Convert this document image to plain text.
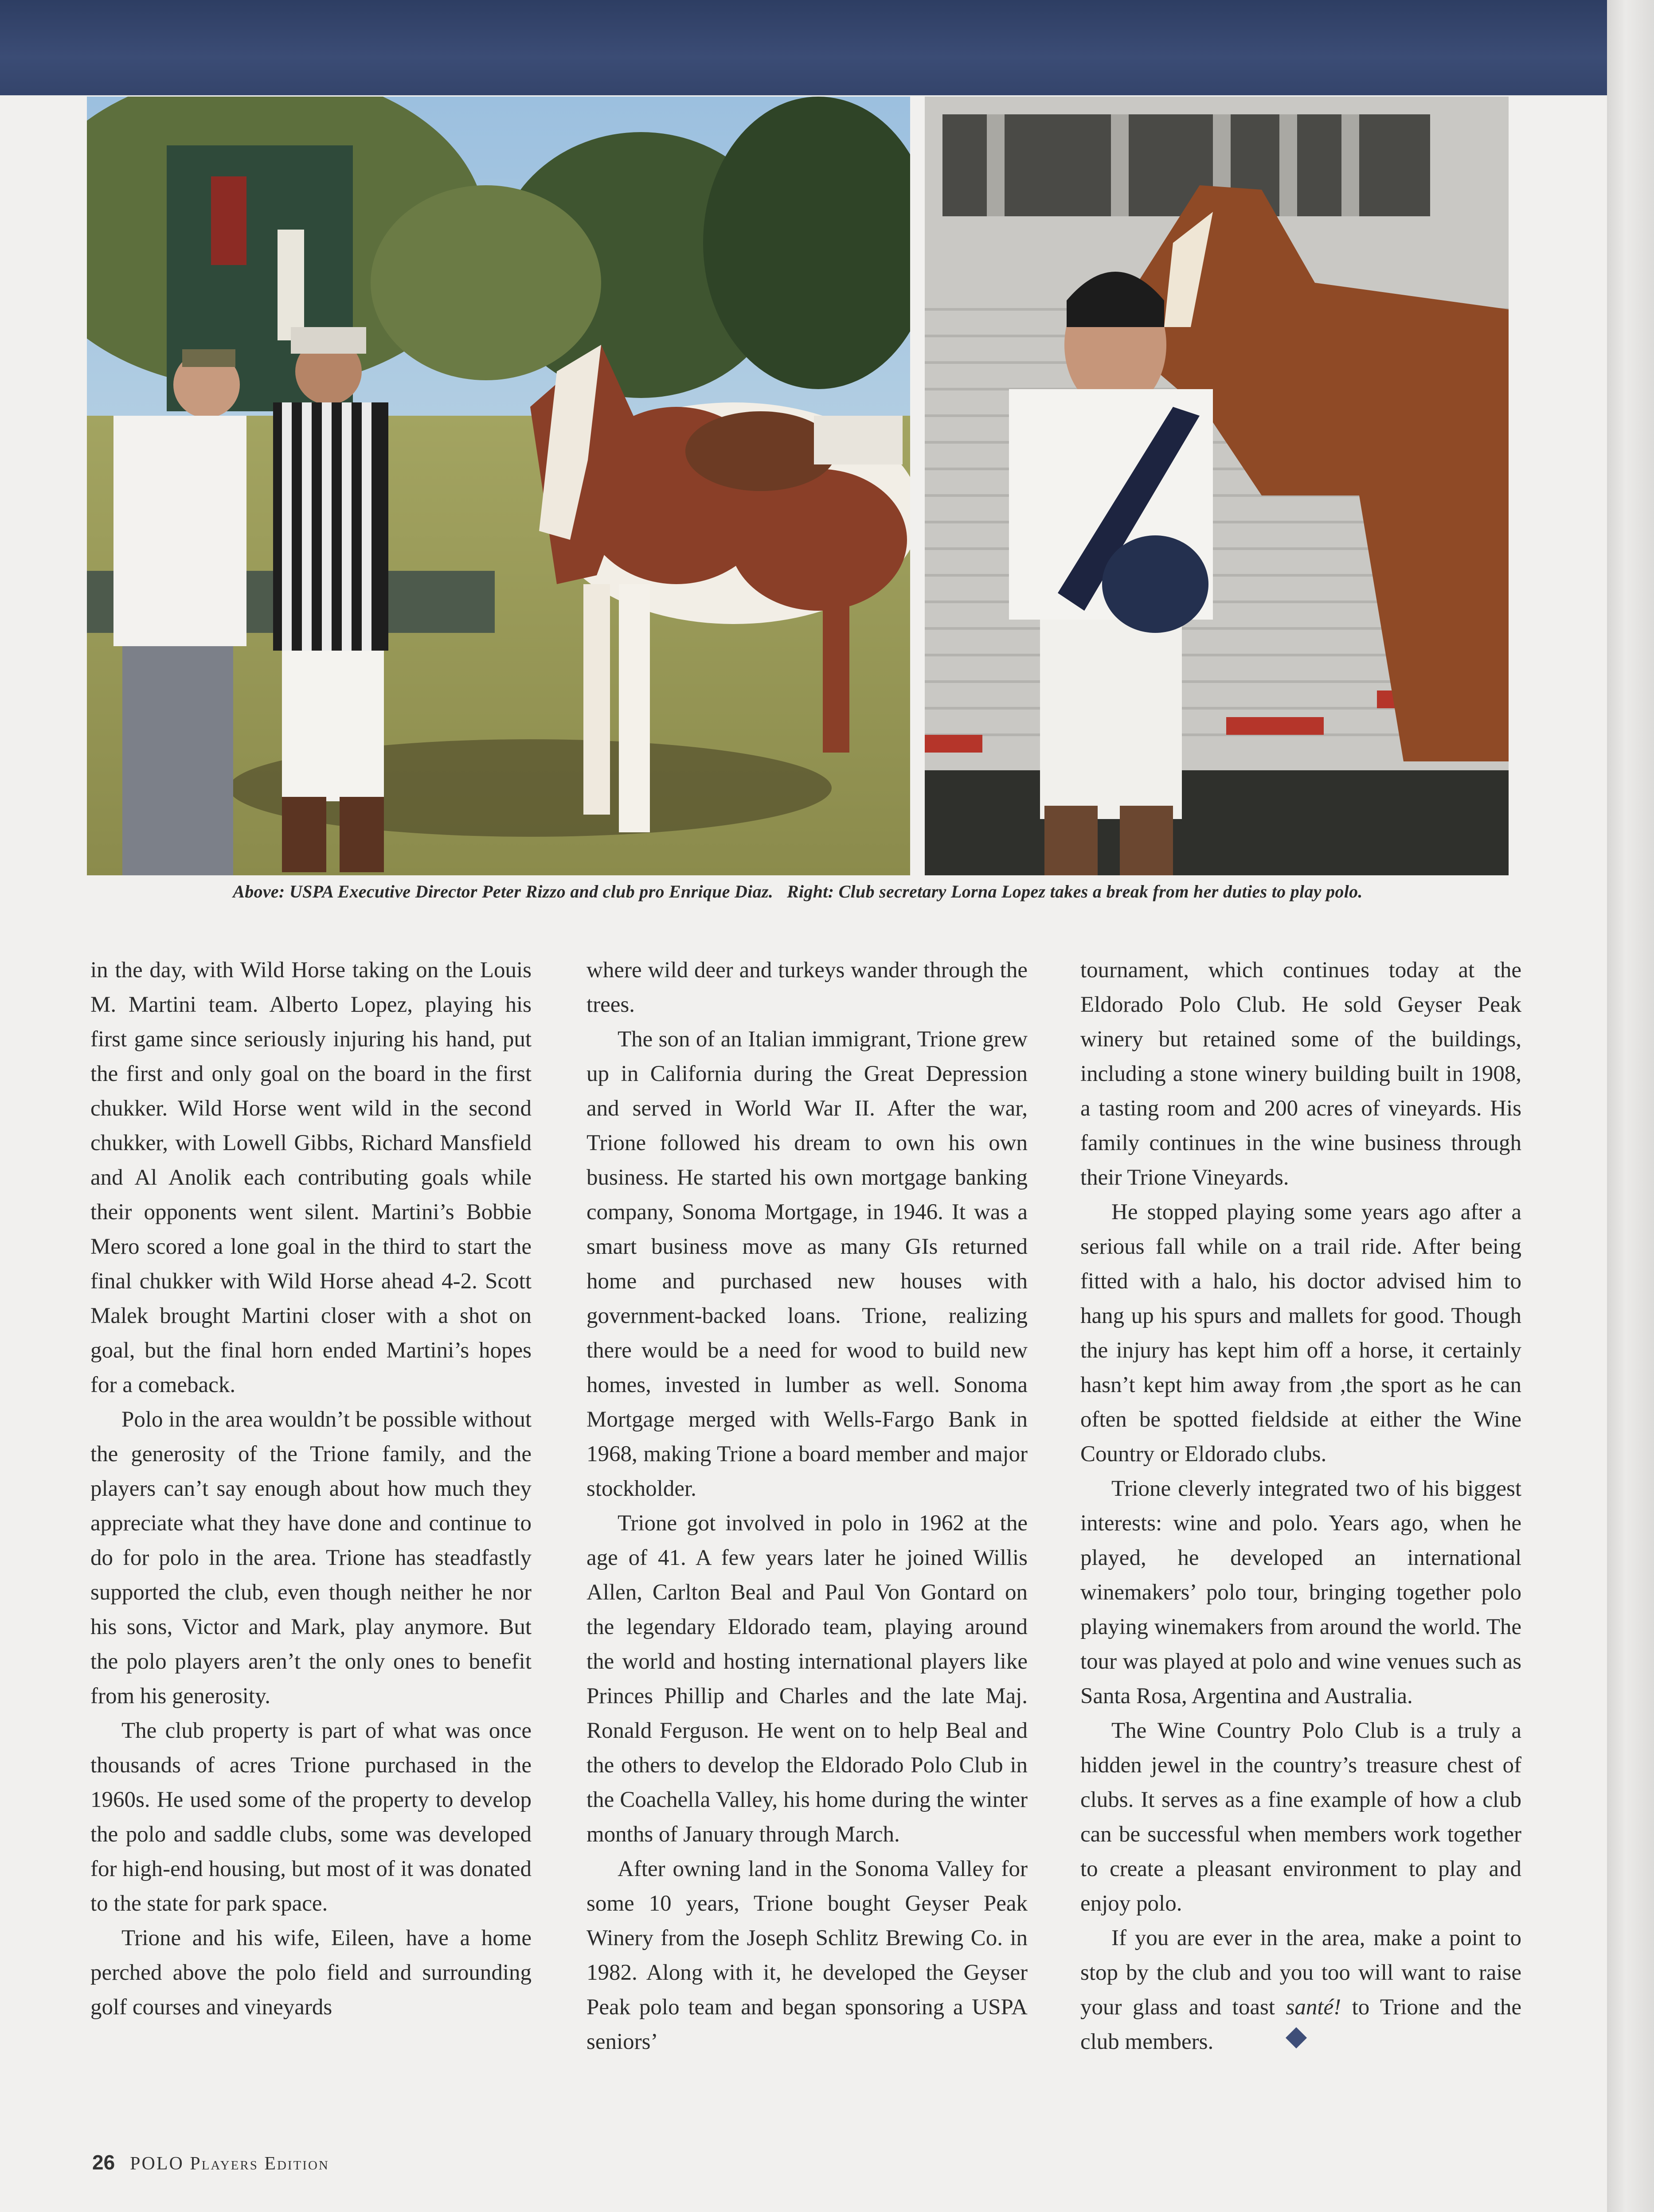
Above: USPA Executive Director Peter Rizzo and club pro Enrique Diaz. Right: Club secretary Lorna Lopez takes a break from her duties to play polo.

in the day, with Wild Horse taking on the Louis M. Martini team. Alberto Lopez, playing his first game since seriously injuring his hand, put the first and only goal on the board in the first chukker. Wild Horse went wild in the second chukker, with Lowell Gibbs, Richard Mansfield and Al Anolik each contributing goals while their opponents went silent. Martini’s Bobbie Mero scored a lone goal in the third to start the final chukker with Wild Horse ahead 4-2. Scott Malek brought Martini closer with a shot on goal, but the final horn ended Martini’s hopes for a comeback.

Polo in the area wouldn’t be possible without the generosity of the Trione family, and the players can’t say enough about how much they appreciate what they have done and continue to do for polo in the area. Trione has steadfastly supported the club, even though neither he nor his sons, Victor and Mark, play anymore. But the polo players aren’t the only ones to benefit from his generosity.

The club property is part of what was once thousands of acres Trione purchased in the 1960s. He used some of the property to develop the polo and saddle clubs, some was developed for high-end housing, but most of it was donated to the state for park space.

Trione and his wife, Eileen, have a home perched above the polo field and surrounding golf courses and vineyards

where wild deer and turkeys wander through the trees.

The son of an Italian immigrant, Trione grew up in California during the Great Depression and served in World War II. After the war, Trione followed his dream to own his own business. He started his own mortgage banking company, Sonoma Mortgage, in 1946. It was a smart business move as many GIs returned home and purchased new houses with government-backed loans. Trione, realizing there would be a need for wood to build new homes, invested in lumber as well. Sonoma Mortgage merged with Wells-Fargo Bank in 1968, making Trione a board member and major stockholder.

Trione got involved in polo in 1962 at the age of 41. A few years later he joined Willis Allen, Carlton Beal and Paul Von Gontard on the legendary Eldorado team, playing around the world and hosting international players like Princes Phillip and Charles and the late Maj. Ronald Ferguson. He went on to help Beal and the others to develop the Eldorado Polo Club in the Coachella Valley, his home during the winter months of January through March.

After owning land in the Sonoma Valley for some 10 years, Trione bought Geyser Peak Winery from the Joseph Schlitz Brewing Co. in 1982. Along with it, he developed the Geyser Peak polo team and began sponsoring a USPA seniors’

tournament, which continues today at the Eldorado Polo Club. He sold Geyser Peak winery but retained some of the buildings, including a stone winery building built in 1908, a tasting room and 200 acres of vineyards. His family continues in the wine business through their Trione Vineyards.

He stopped playing some years ago after a serious fall while on a trail ride. After being fitted with a halo, his doctor advised him to hang up his spurs and mallets for good. Though the injury has kept him off a horse, it certainly hasn’t kept him away from ,the sport as he can often be spotted fieldside at either the Wine Country or Eldorado clubs.

Trione cleverly integrated two of his biggest interests: wine and polo. Years ago, when he played, he developed an international winemakers’ polo tour, bringing together polo playing winemakers from around the world. The tour was played at polo and wine venues such as Santa Rosa, Argentina and Australia.

The Wine Country Polo Club is a truly a hidden jewel in the country’s treasure chest of clubs. It serves as a fine example of how a club can be successful when members work together to create a pleasant environment to play and enjoy polo.

If you are ever in the area, make a point to stop by the club and you too will want to raise your glass and toast santé! to Trione and the club members.

26 POLO Players Edition
